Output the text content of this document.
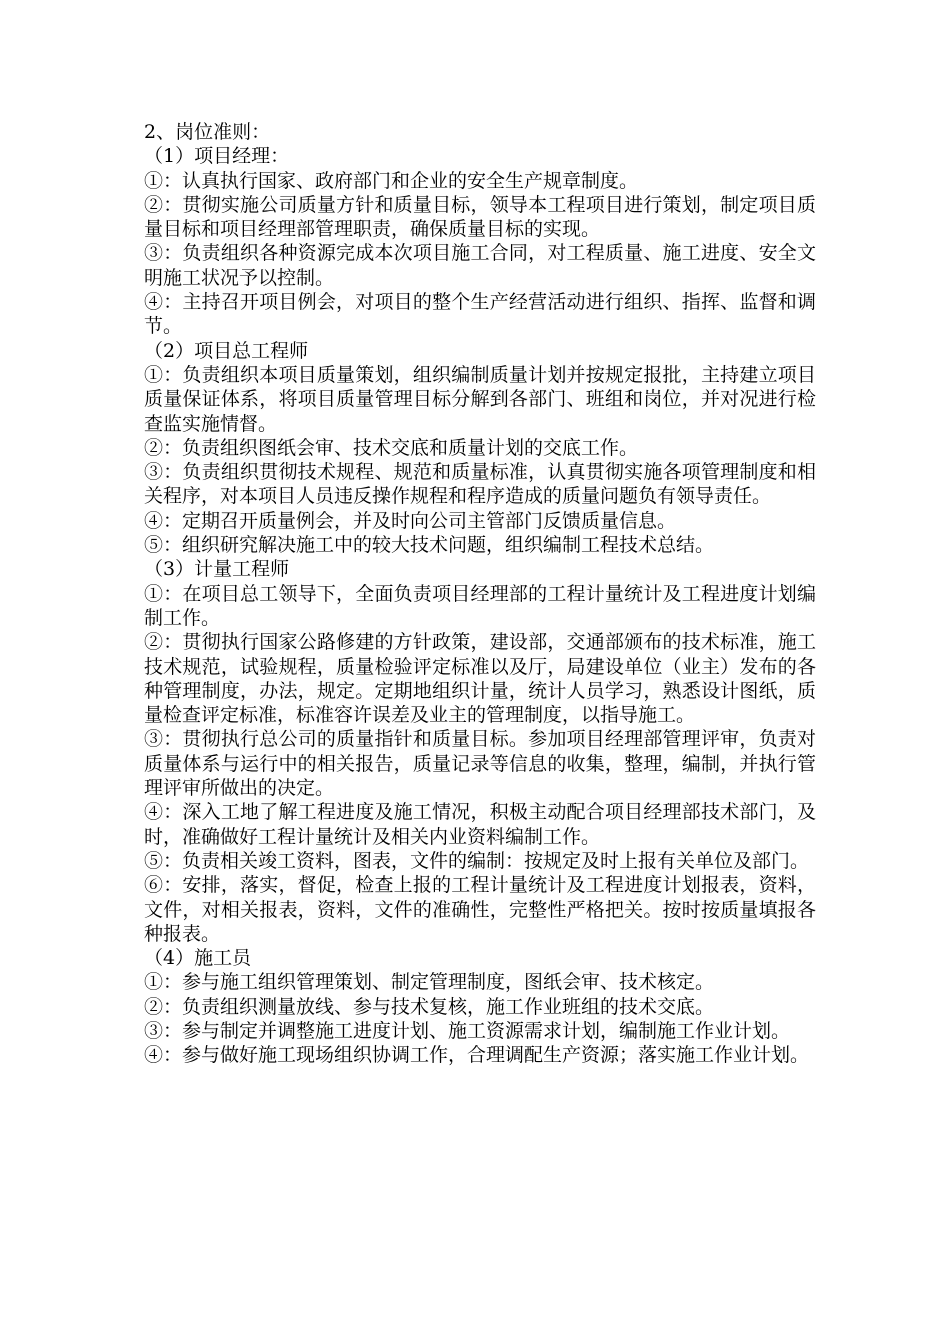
2、岗位准则：

（1）项目经理：

①：认真执行国家、政府部门和企业的安全生产规章制度。

②：贯彻实施公司质量方针和质量目标，领导本工程项目进行策划，制定项目质量目标和项目经理部管理职责，确保质量目标的实现。

③：负责组织各种资源完成本次项目施工合同，对工程质量、施工进度、安全文明施工状况予以控制。

④：主持召开项目例会，对项目的整个生产经营活动进行组织、指挥、监督和调节。

（2）项目总工程师

①：负责组织本项目质量策划，组织编制质量计划并按规定报批，主持建立项目质量保证体系，将项目质量管理目标分解到各部门、班组和岗位，并对况进行检查监实施情督。

②：负责组织图纸会审、技术交底和质量计划的交底工作。

③：负责组织贯彻技术规程、规范和质量标准，认真贯彻实施各项管理制度和相关程序，对本项目人员违反操作规程和程序造成的质量问题负有领导责任。

④：定期召开质量例会，并及时向公司主管部门反馈质量信息。

⑤：组织研究解决施工中的较大技术问题，组织编制工程技术总结。

（3）计量工程师

①：在项目总工领导下，全面负责项目经理部的工程计量统计及工程进度计划编制工作。

②：贯彻执行国家公路修建的方针政策，建设部，交通部颁布的技术标准，施工技术规范，试验规程，质量检验评定标准以及厅，局建设单位（业主）发布的各种管理制度，办法，规定。定期地组织计量，统计人员学习，熟悉设计图纸，质量检查评定标准，标准容许误差及业主的管理制度，以指导施工。

③：贯彻执行总公司的质量指针和质量目标。参加项目经理部管理评审，负责对质量体系与运行中的相关报告，质量记录等信息的收集，整理，编制，并执行管理评审所做出的决定。

④：深入工地了解工程进度及施工情况，积极主动配合项目经理部技术部门，及时，准确做好工程计量统计及相关内业资料编制工作。

⑤：负责相关竣工资料，图表，文件的编制：按规定及时上报有关单位及部门。

⑥：安排，落实，督促，检查上报的工程计量统计及工程进度计划报表，资料，文件，对相关报表，资料，文件的准确性，完整性严格把关。按时按质量填报各种报表。

（4）施工员

①：参与施工组织管理策划、制定管理制度，图纸会审、技术核定。

②：负责组织测量放线、参与技术复核，施工作业班组的技术交底。

③：参与制定并调整施工进度计划、施工资源需求计划，编制施工作业计划。

④：参与做好施工现场组织协调工作，合理调配生产资源；落实施工作业计划。
